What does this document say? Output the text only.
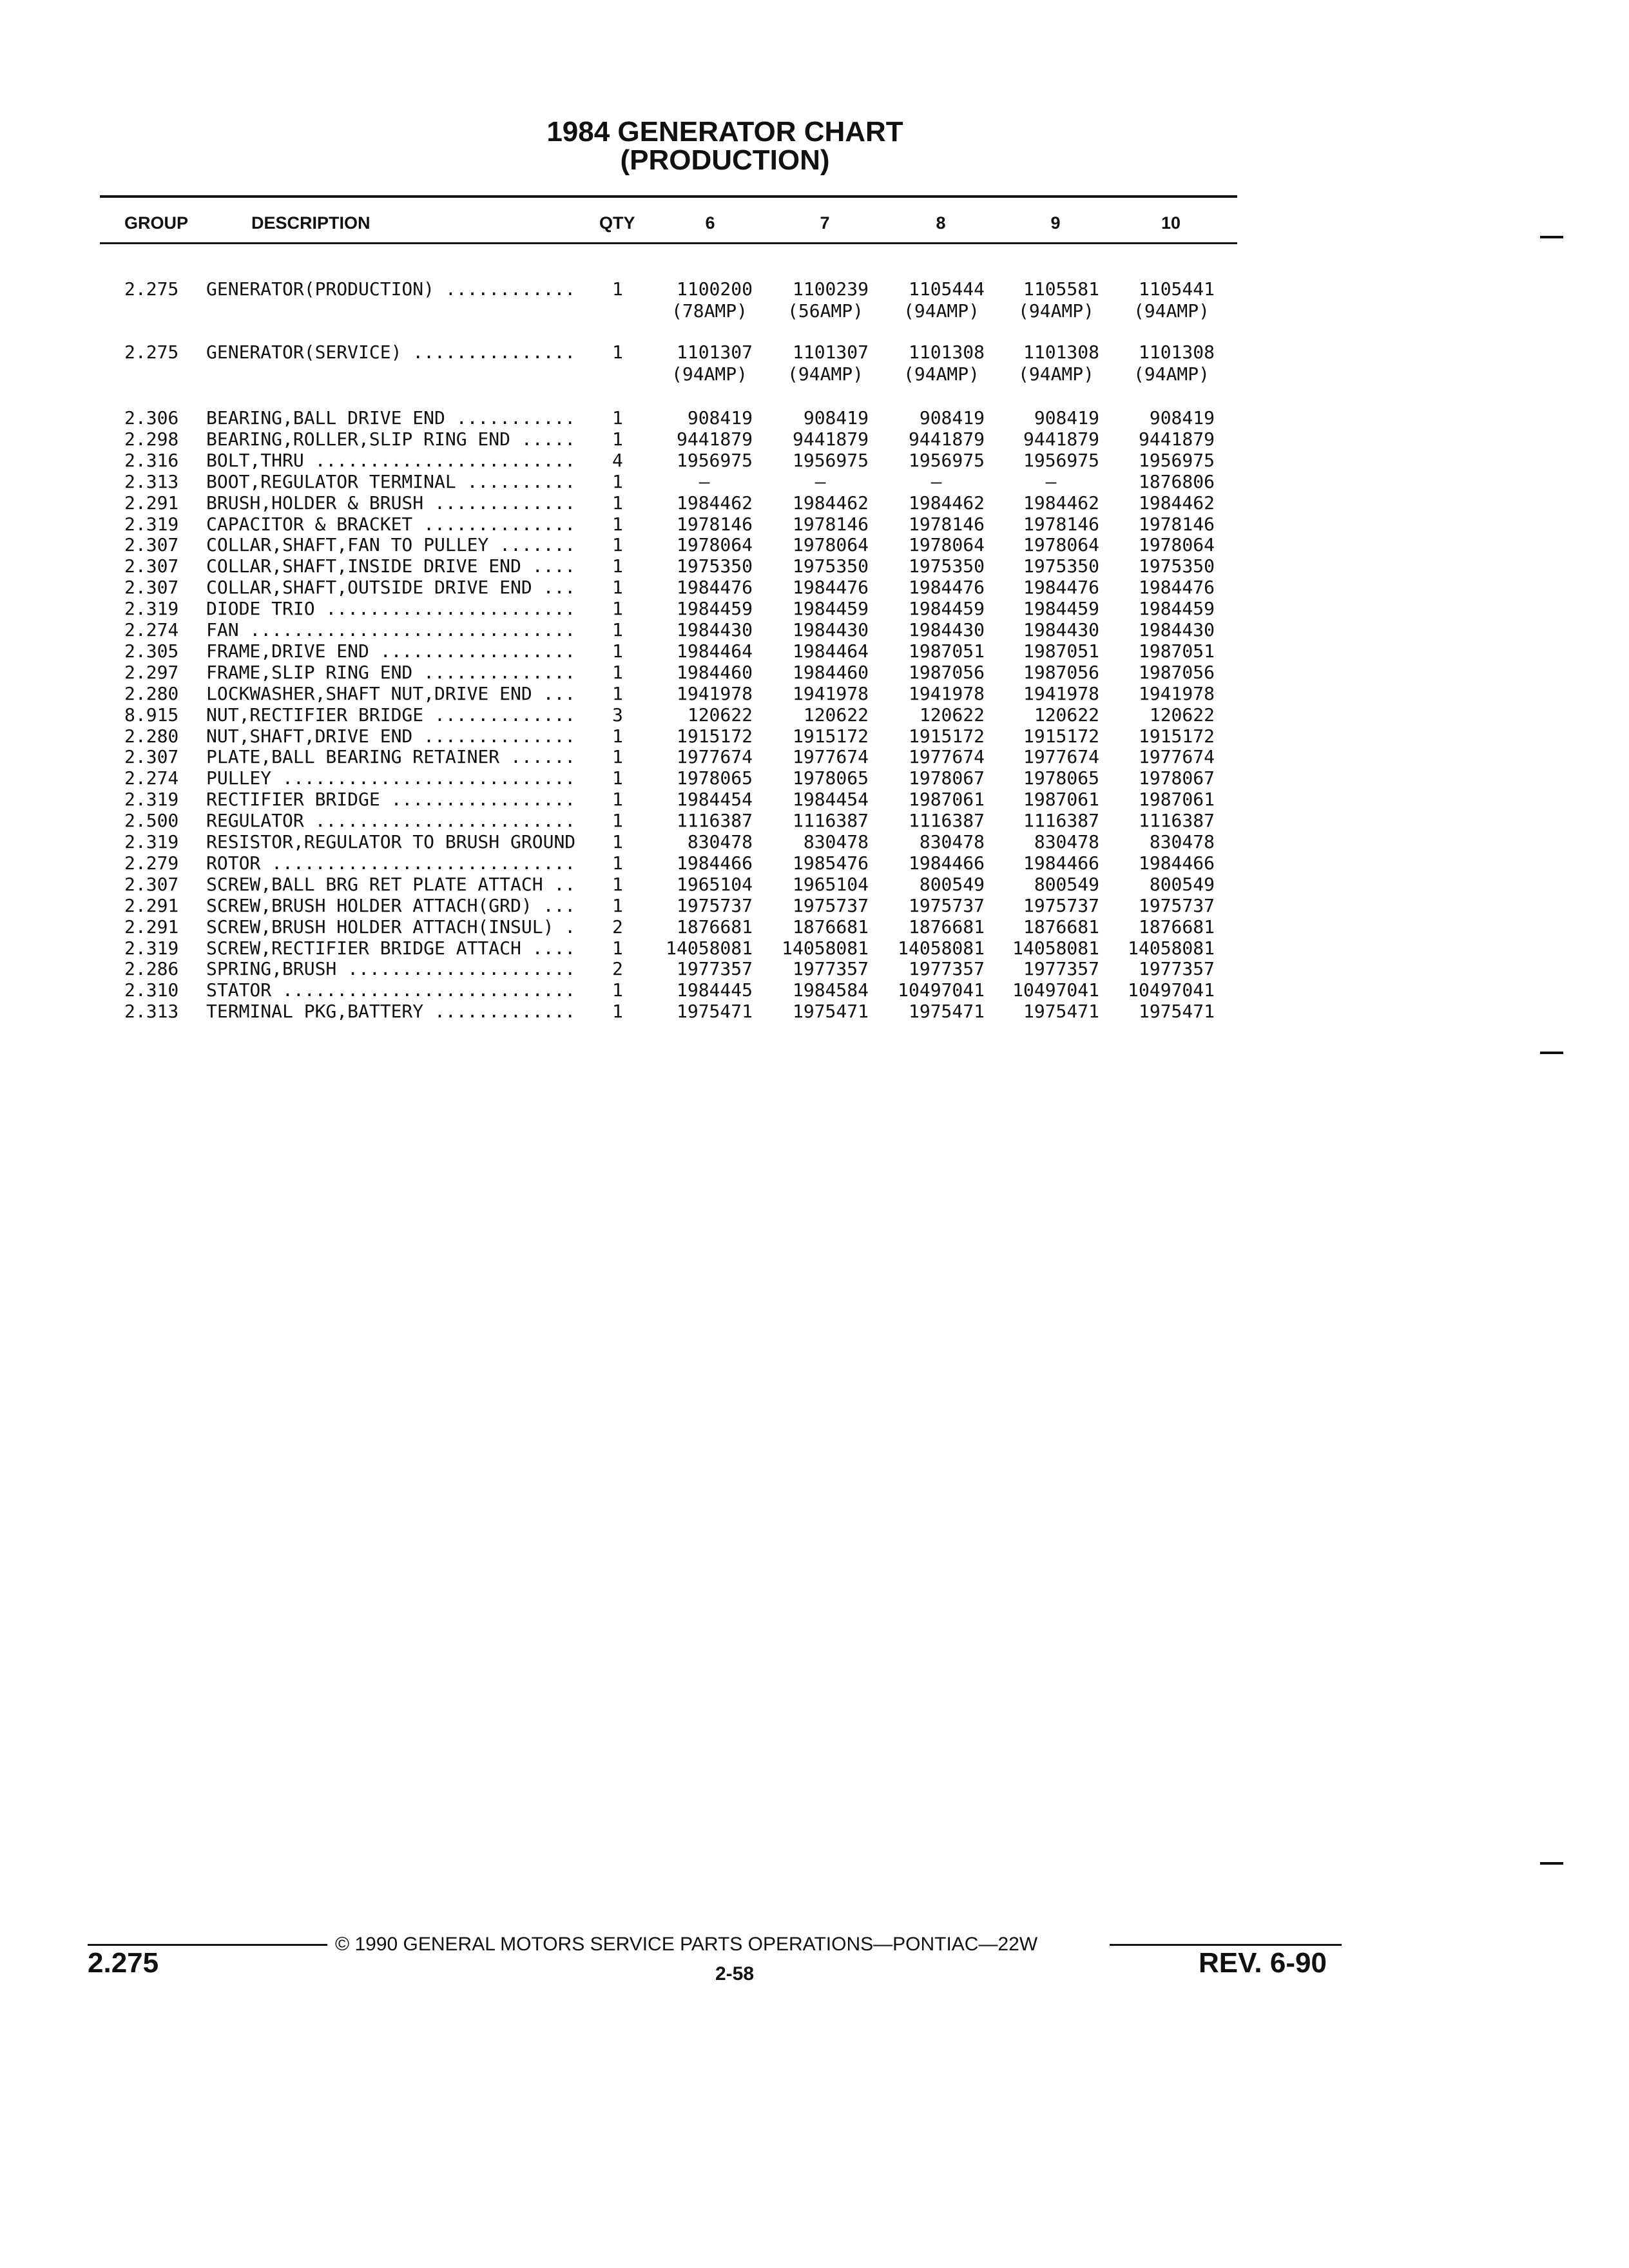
1984 GENERATOR CHART
(PRODUCTION)
GROUP	DESCRIPTION	QTY	6	7	8	9	10
2.275	GENERATOR(PRODUCTION) ............	1	1100200	1100239	1105444	1105581	1105441
(78AMP) (56AMP) (94AMP) (94AMP) (94AMP)
2.275	GENERATOR(SERVICE) ...............	1	1101307	1101307	1101308	1101308	1101308
(94AMP) (94AMP) (94AMP) (94AMP) (94AMP)
2.306	BEARING,BALL DRIVE END ...........	1	908419	908419	908419	908419	908419
2.298	BEARING,ROLLER,SLIP RING END .....	1	9441879	9441879	9441879	9441879	9441879
2.316	BOLT,THRU ........................	4	1956975	1956975	1956975	1956975	1956975
2.313	BOOT,REGULATOR TERMINAL ..........	1	—	—	—	—	1876806
2.291	BRUSH,HOLDER & BRUSH .............	1	1984462	1984462	1984462	1984462	1984462
2.319	CAPACITOR & BRACKET ..............	1	1978146	1978146	1978146	1978146	1978146
2.307	COLLAR,SHAFT,FAN TO PULLEY .......	1	1978064	1978064	1978064	1978064	1978064
2.307	COLLAR,SHAFT,INSIDE DRIVE END ....	1	1975350	1975350	1975350	1975350	1975350
2.307	COLLAR,SHAFT,OUTSIDE DRIVE END ...	1	1984476	1984476	1984476	1984476	1984476
2.319	DIODE TRIO .......................	1	1984459	1984459	1984459	1984459	1984459
2.274	FAN ..............................	1	1984430	1984430	1984430	1984430	1984430
2.305	FRAME,DRIVE END ..................	1	1984464	1984464	1987051	1987051	1987051
2.297	FRAME,SLIP RING END ..............	1	1984460	1984460	1987056	1987056	1987056
2.280	LOCKWASHER,SHAFT NUT,DRIVE END ...	1	1941978	1941978	1941978	1941978	1941978
8.915	NUT,RECTIFIER BRIDGE .............	3	120622	120622	120622	120622	120622
2.280	NUT,SHAFT,DRIVE END ..............	1	1915172	1915172	1915172	1915172	1915172
2.307	PLATE,BALL BEARING RETAINER ......	1	1977674	1977674	1977674	1977674	1977674
2.274	PULLEY ...........................	1	1978065	1978065	1978067	1978065	1978067
2.319	RECTIFIER BRIDGE .................	1	1984454	1984454	1987061	1987061	1987061
2.500	REGULATOR ........................	1	1116387	1116387	1116387	1116387	1116387
2.319	RESISTOR,REGULATOR TO BRUSH GROUND	1	830478	830478	830478	830478	830478
2.279	ROTOR ............................	1	1984466	1985476	1984466	1984466	1984466
2.307	SCREW,BALL BRG RET PLATE ATTACH ..	1	1965104	1965104	800549	800549	800549
2.291	SCREW,BRUSH HOLDER ATTACH(GRD) ...	1	1975737	1975737	1975737	1975737	1975737
2.291	SCREW,BRUSH HOLDER ATTACH(INSUL) .	2	1876681	1876681	1876681	1876681	1876681
2.319	SCREW,RECTIFIER BRIDGE ATTACH ....	1	14058081	14058081	14058081	14058081	14058081
2.286	SPRING,BRUSH .....................	2	1977357	1977357	1977357	1977357	1977357
2.310	STATOR ...........................	1	1984445	1984584	10497041	10497041	10497041
2.313	TERMINAL PKG,BATTERY .............	1	1975471	1975471	1975471	1975471	1975471
© 1990 GENERAL MOTORS SERVICE PARTS OPERATIONS—PONTIAC—22W
2.275	2-58	REV. 6-90
